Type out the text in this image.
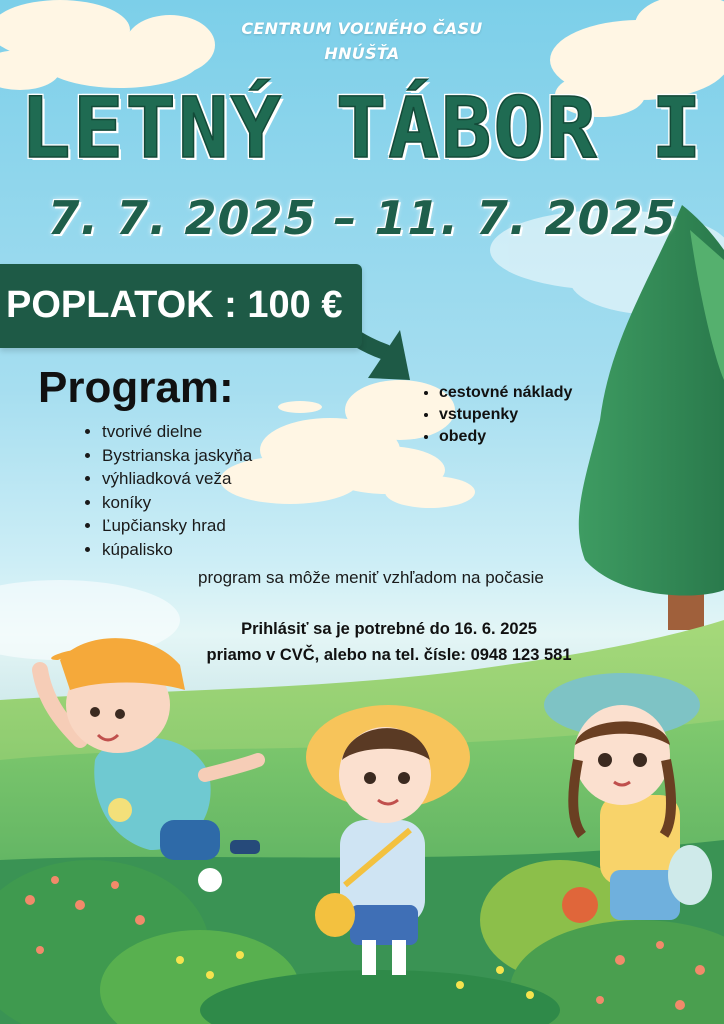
CENTRUM VOĽNÉHO ČASU
HNÚŠŤA
LETNÝ TÁBOR I
7. 7. 2025 – 11. 7. 2025
POPLATOK : 100 €
• cestovné náklady
• vstupenky
• obedy
Program:
• tvorivé dielne
• Bystrianska jaskyňa
• výhliadková veža
• koníky
• Ľupčiansky hrad
• kúpalisko
program sa môže meniť vzhľadom na počasie
Prihlásiť sa je potrebné do 16. 6. 2025
priamo v CVČ, alebo na tel. čísle: 0948 123 581
